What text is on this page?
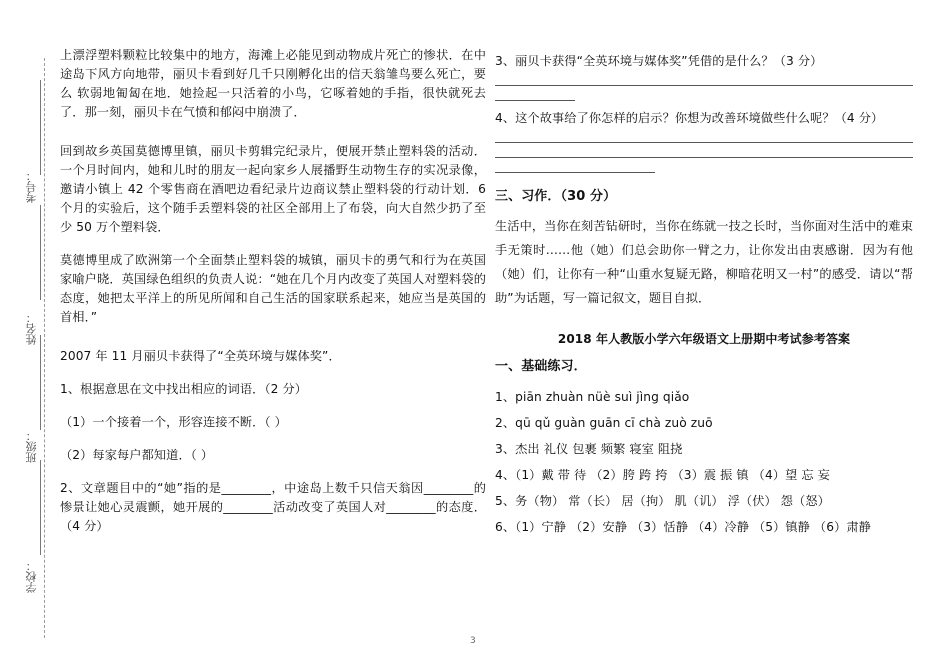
考号：
姓名：
班级：
学校：

上漂浮塑料颗粒比较集中的地方，海滩上必能见到动物成片死亡的惨状．在中途岛下风方向地带，丽贝卡看到好几千只刚孵化出的信天翁雏鸟要么死亡，要么 软弱地匍匐在地．她捡起一只活着的小鸟，它啄着她的手指，很快就死去了．那一刻，丽贝卡在气愤和郁闷中崩溃了．

回到故乡英国莫德博里镇，丽贝卡剪辑完纪录片，便展开禁止塑料袋的活动．一个月时间内，她和儿时的朋友一起向家乡人展播野生动物生存的实况录像，邀请小镇上 42 个零售商在酒吧边看纪录片边商议禁止塑料袋的行动计划．6 个月的实验后，这个随手丢塑料袋的社区全部用上了布袋，向大自然少扔了至少 50 万个塑料袋．

莫德博里成了欧洲第一个全面禁止塑料袋的城镇，丽贝卡的勇气和行为在英国家喻户晓．英国绿色组织的负责人说：“她在几个月内改变了英国人对塑料袋的态度，她把太平洋上的所见所闻和自己生活的国家联系起来，她应当是英国的首相．”

2007 年 11 月丽贝卡获得了“全英环境与媒体奖”．

1、根据意思在文中找出相应的词语．（2 分）

（1）一个接着一个，形容连接不断．（ ）

（2）每家每户都知道．（ ）

2、文章题目中的“她”指的是________，中途岛上数千只信天翁因________的惨景让她心灵震颤，她开展的________活动改变了英国人对________的态度．（4 分）

3、丽贝卡获得“全英环境与媒体奖”凭借的是什么？（3 分）

4、这个故事给了你怎样的启示？你想为改善环境做些什么呢？（4 分）

三、习作．（30 分）

生活中，当你在刻苦钻研时，当你在练就一技之长时，当你面对生活中的难束手无策时……他（她）们总会助你一臂之力，让你发出由衷感谢．因为有他（她）们，让你有一种“山重水复疑无路，柳暗花明又一村”的感受．请以“帮助”为话题，写一篇记叙文，题目自拟．

2018 年人教版小学六年级语文上册期中考试参考答案

一、基础练习．

1、piān zhuàn nüè suì jìng qiǎo

2、qū qǔ guàn guān cī chà zuò zuō

3、杰出 礼仪 包裹 频繁 寝室 阻挠

4、（1）戴 带 待 （2）胯 跨 挎 （3）震 振 镇 （4）望 忘 妄

5、务（物） 常（长） 居（拘） 肌（讥） 浮（伏） 怨（怒）

6、（1）宁静 （2）安静 （3）恬静 （4）冷静 （5）镇静 （6）肃静

3
